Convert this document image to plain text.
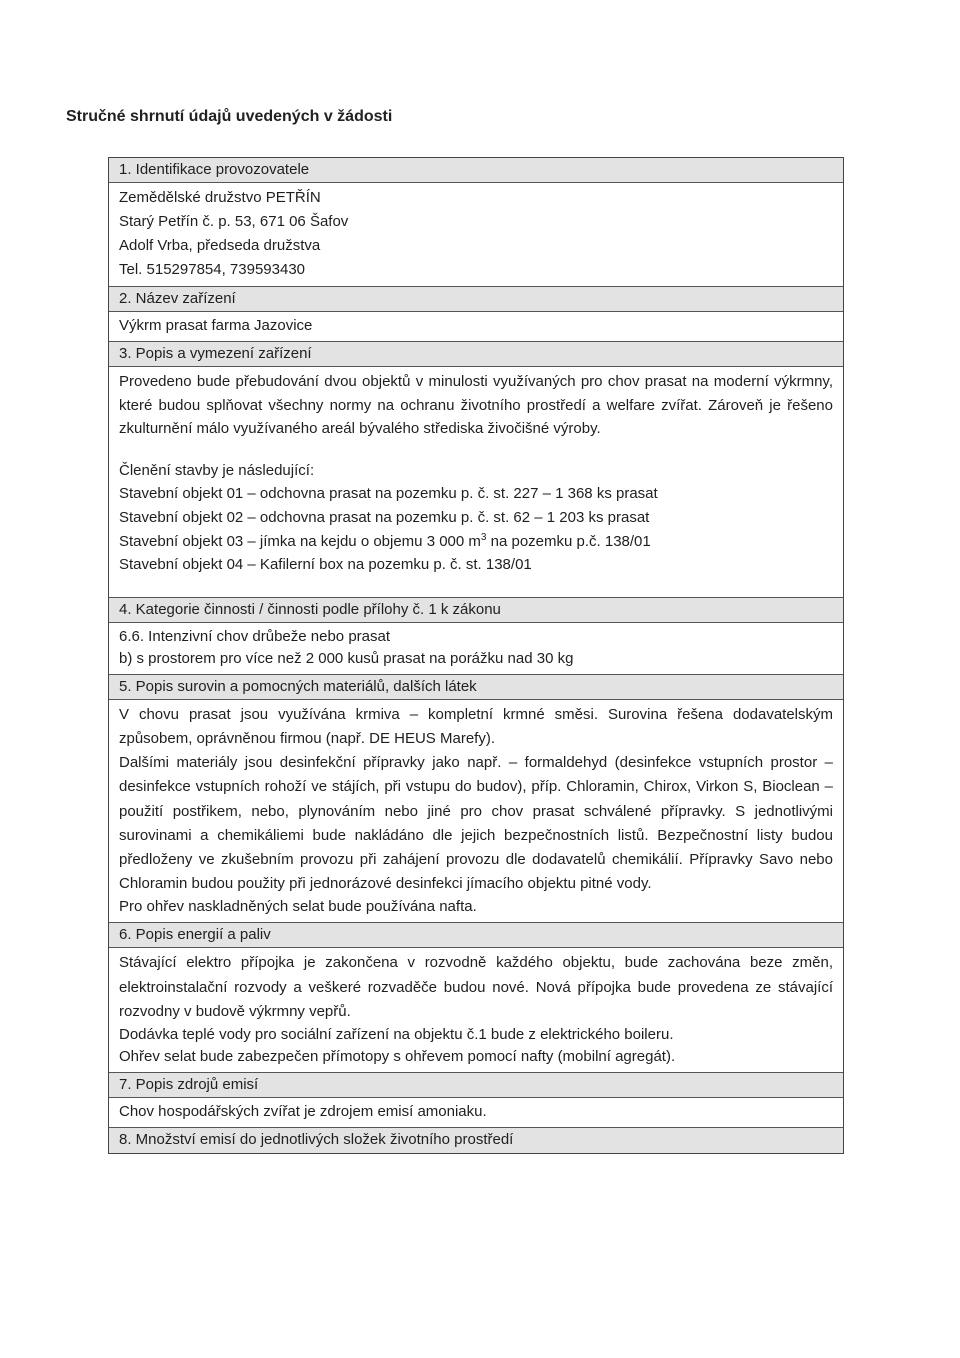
Stručné shrnutí údajů uvedených v žádosti
1. Identifikace provozovatele
Zemědělské družstvo PETŘÍN
Starý Petřín č. p. 53, 671 06 Šafov
Adolf Vrba, předseda družstva
Tel. 515297854, 739593430
2. Název zařízení
Výkrm prasat farma Jazovice
3. Popis a vymezení zařízení
Provedeno bude přebudování dvou objektů v minulosti využívaných pro chov prasat na moderní výkrmny, které budou splňovat všechny normy na ochranu životního prostředí a welfare zvířat. Zároveň je řešeno zkulturnění málo využívaného areál bývalého střediska živočišné výroby.
Členění stavby je následující:
Stavební objekt 01 – odchovna prasat na pozemku p. č. st. 227 – 1 368 ks prasat
Stavební objekt 02 – odchovna prasat na pozemku p. č. st. 62 – 1 203 ks prasat
Stavební objekt 03 – jímka na kejdu o objemu 3 000 $m^3$ na pozemku p.č. 138/01
Stavební objekt 04 – Kafilerní box na pozemku p. č. st. 138/01
4. Kategorie činnosti / činnosti podle přílohy č. 1 k zákonu
6.6. Intenzivní chov drůbeže nebo prasat
b) s prostorem pro více než 2 000 kusů prasat na porážku nad 30 kg
5. Popis surovin a pomocných materiálů, dalších látek
V chovu prasat jsou využívána krmiva – kompletní krmné směsi. Surovina řešena dodavatelským způsobem, oprávněnou firmou (např. DE HEUS Marefy).
Dalšími materiály jsou desinfekční přípravky jako např. – formaldehyd (desinfekce vstupních prostor – desinfekce vstupních rohoží ve stájích, při vstupu do budov), příp. Chloramin, Chirox, Virkon S, Bioclean – použití postřikem, nebo, plynováním nebo jiné pro chov prasat schválené přípravky. S jednotlivými surovinami a chemikáliemi bude nakládáno dle jejich bezpečnostních listů. Bezpečnostní listy budou předloženy ve zkušebním provozu při zahájení provozu dle dodavatelů chemikálií. Přípravky Savo nebo Chloramin budou použity při jednorázové desinfekci jímacího objektu pitné vody.
Pro ohřev naskladněných selat bude používána nafta.
6. Popis energií a paliv
Stávající elektro přípojka je zakončena v rozvodně každého objektu, bude zachována beze změn, elektroinstalační rozvody a veškeré rozvaděče budou nové. Nová přípojka bude provedena ze stávající rozvodny v budově výkrmny vepřů.
Dodávka teplé vody pro sociální zařízení na objektu č.1 bude z elektrického boileru.
Ohřev selat bude zabezpečen přímotopy s ohřevem pomocí nafty (mobilní agregát).
7. Popis zdrojů emisí
Chov hospodářských zvířat je zdrojem emisí amoniaku.
8. Množství emisí do jednotlivých složek životního prostředí
